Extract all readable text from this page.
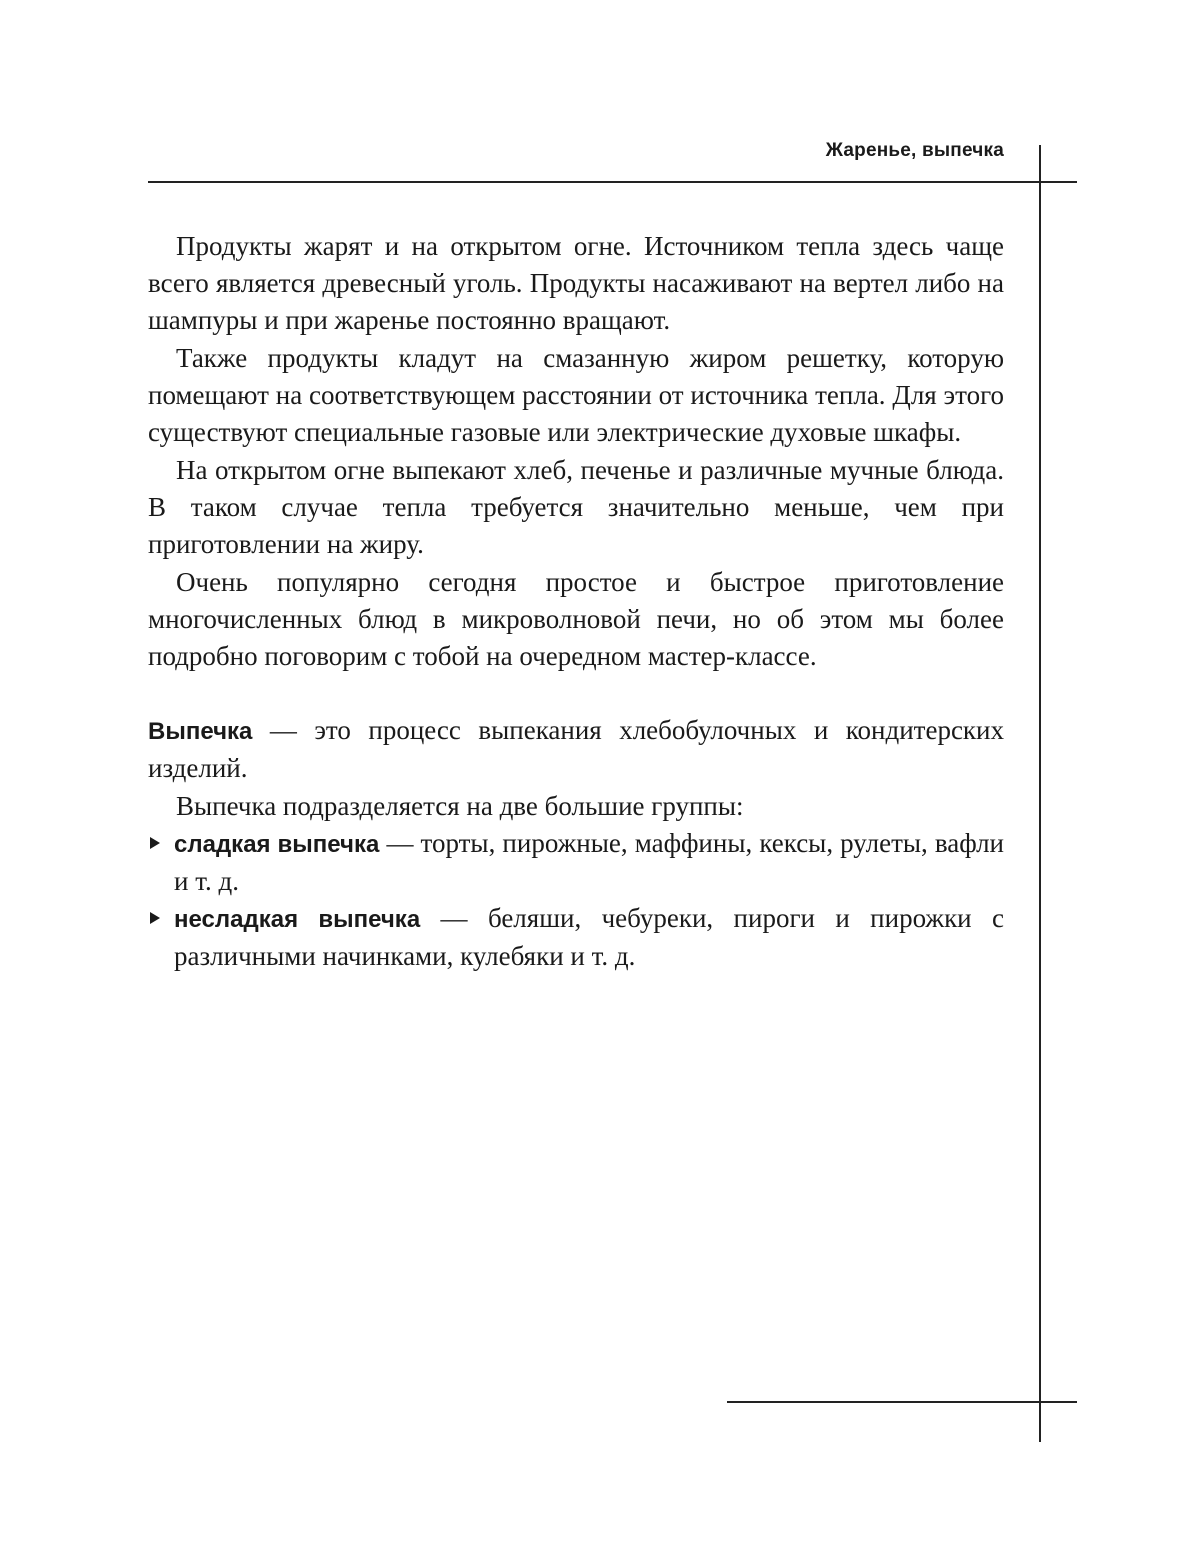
Жаренье, выпечка

Продукты жарят и на открытом огне. Источником тепла здесь чаще всего является древесный уголь. Продукты насаживают на вертел либо на шампуры и при жаренье постоянно вращают.

Также продукты кладут на смазанную жиром решетку, которую помещают на соответствующем расстоянии от источника тепла. Для этого существуют специальные газовые или электрические духовые шкафы.

На открытом огне выпекают хлеб, печенье и различные мучные блюда. В таком случае тепла требуется значительно меньше, чем при приготовлении на жиру.

Очень популярно сегодня простое и быстрое приготовление многочисленных блюд в микроволновой печи, но об этом мы более подробно поговорим с тобой на очередном мастер-классе.

Выпечка — это процесс выпекания хлебобулочных и кондитерских изделий.

Выпечка подразделяется на две большие группы:

сладкая выпечка — торты, пирожные, маффины, кексы, рулеты, вафли и т. д.
несладкая выпечка — беляши, чебуреки, пироги и пирожки с различными начинками, кулебяки и т. д.
